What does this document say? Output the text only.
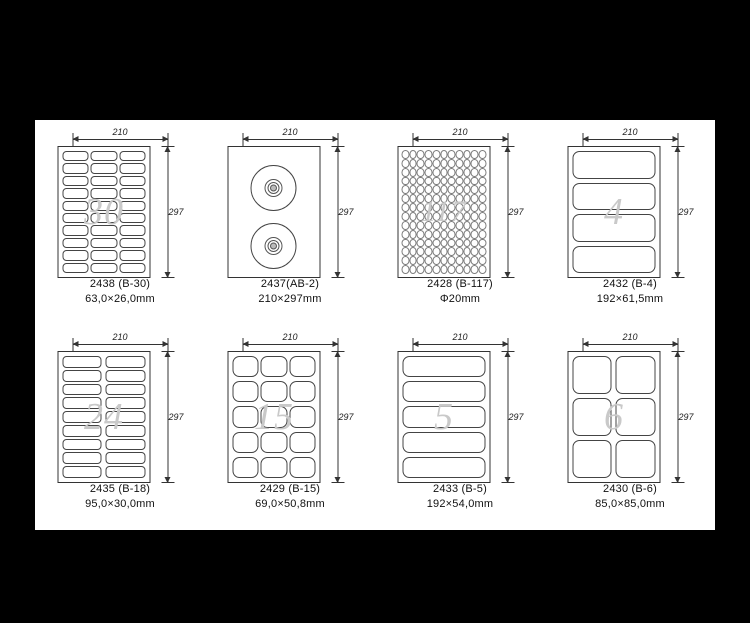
210
30	297
2438 (B-30)
63,0×26,0mm
210
297
2437(AB-2)
210×297mm
210
117	297
2428 (B-117)
Φ20mm
210
4	297
2432 (B-4)
192×61,5mm
210
24	297
2435 (B-18)
95,0×30,0mm
210
15	297
2429 (B-15)
69,0×50,8mm
210
5	297
2433 (B-5)
192×54,0mm
210
6	297
2430 (B-6)
85,0×85,0mm
